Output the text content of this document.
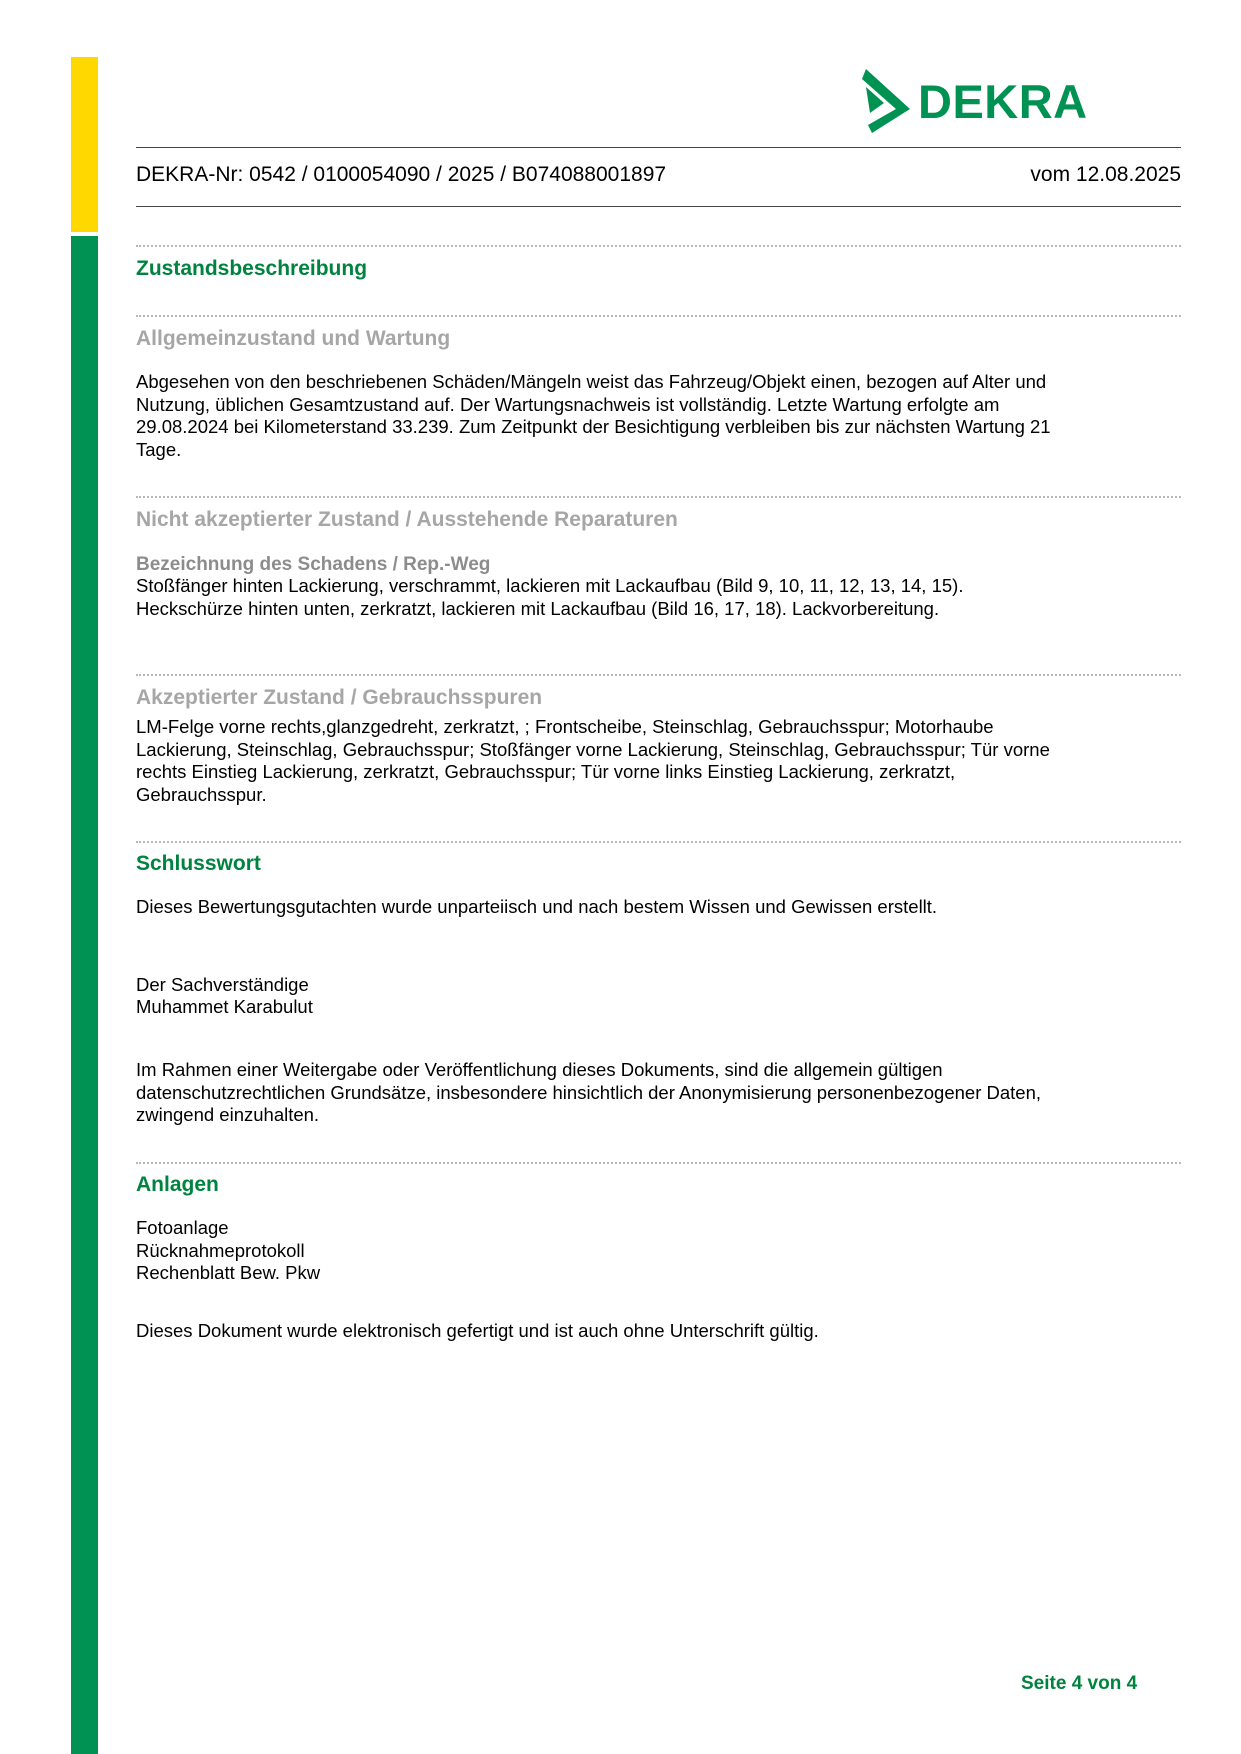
DEKRA
DEKRA-Nr: 0542 / 0100054090 / 2025 / B074088001897	vom 12.08.2025
Zustandsbeschreibung
Allgemeinzustand und Wartung
Abgesehen von den beschriebenen Schäden/Mängeln weist das Fahrzeug/Objekt einen, bezogen auf Alter und
Nutzung, üblichen Gesamtzustand auf. Der Wartungsnachweis ist vollständig. Letzte Wartung erfolgte am
29.08.2024 bei Kilometerstand 33.239. Zum Zeitpunkt der Besichtigung verbleiben bis zur nächsten Wartung 21
Tage.
Nicht akzeptierter Zustand / Ausstehende Reparaturen
Bezeichnung des Schadens / Rep.-Weg
Stoßfänger hinten Lackierung, verschrammt, lackieren mit Lackaufbau (Bild 9, 10, 11, 12, 13, 14, 15).
Heckschürze hinten unten, zerkratzt, lackieren mit Lackaufbau (Bild 16, 17, 18). Lackvorbereitung.
Akzeptierter Zustand / Gebrauchsspuren
LM-Felge vorne rechts,glanzgedreht, zerkratzt, ; Frontscheibe, Steinschlag, Gebrauchsspur; Motorhaube
Lackierung, Steinschlag, Gebrauchsspur; Stoßfänger vorne Lackierung, Steinschlag, Gebrauchsspur; Tür vorne
rechts Einstieg Lackierung, zerkratzt, Gebrauchsspur; Tür vorne links Einstieg Lackierung, zerkratzt,
Gebrauchsspur.
Schlusswort
Dieses Bewertungsgutachten wurde unparteiisch und nach bestem Wissen und Gewissen erstellt.
Der Sachverständige
Muhammet Karabulut
Im Rahmen einer Weitergabe oder Veröffentlichung dieses Dokuments, sind die allgemein gültigen
datenschutzrechtlichen Grundsätze, insbesondere hinsichtlich der Anonymisierung personenbezogener Daten,
zwingend einzuhalten.
Anlagen
Fotoanlage
Rücknahmeprotokoll
Rechenblatt Bew. Pkw
Dieses Dokument wurde elektronisch gefertigt und ist auch ohne Unterschrift gültig.
Seite 4 von 4
